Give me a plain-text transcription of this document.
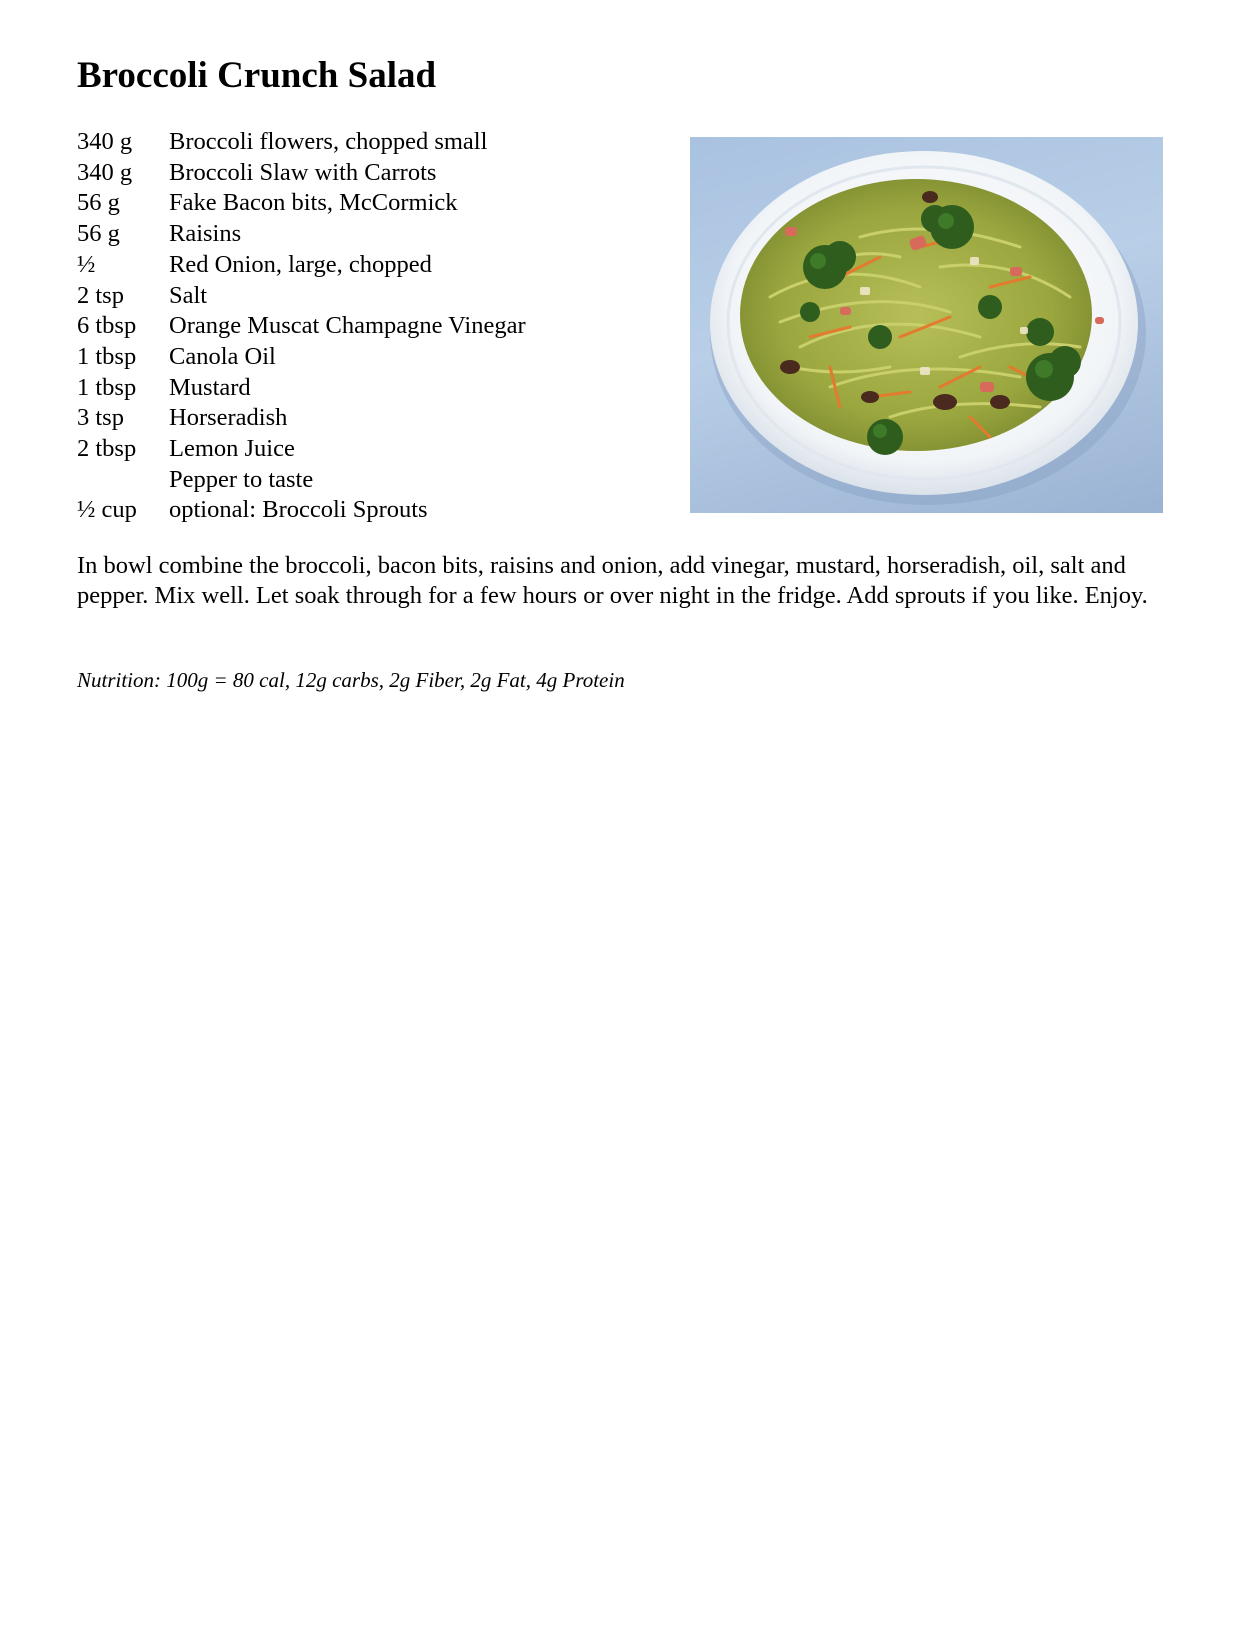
Broccoli Crunch Salad
340 g	Broccoli flowers, chopped small
340 g	Broccoli Slaw with Carrots
56 g	Fake Bacon bits, McCormick
56 g	Raisins
½	Red Onion, large, chopped
2 tsp	Salt
6 tbsp	Orange Muscat Champagne Vinegar
1 tbsp	Canola Oil
1 tbsp	Mustard
3 tsp	Horseradish
2 tbsp	Lemon Juice
Pepper to taste
½ cup	optional: Broccoli Sprouts

In bowl combine the broccoli, bacon bits, raisins and onion, add vinegar, mustard, horseradish, oil, salt and pepper. Mix well. Let soak through for a few hours or over night in the fridge. Add sprouts if you like. Enjoy.

Nutrition: 100g = 80 cal, 12g carbs, 2g Fiber, 2g Fat, 4g Protein
